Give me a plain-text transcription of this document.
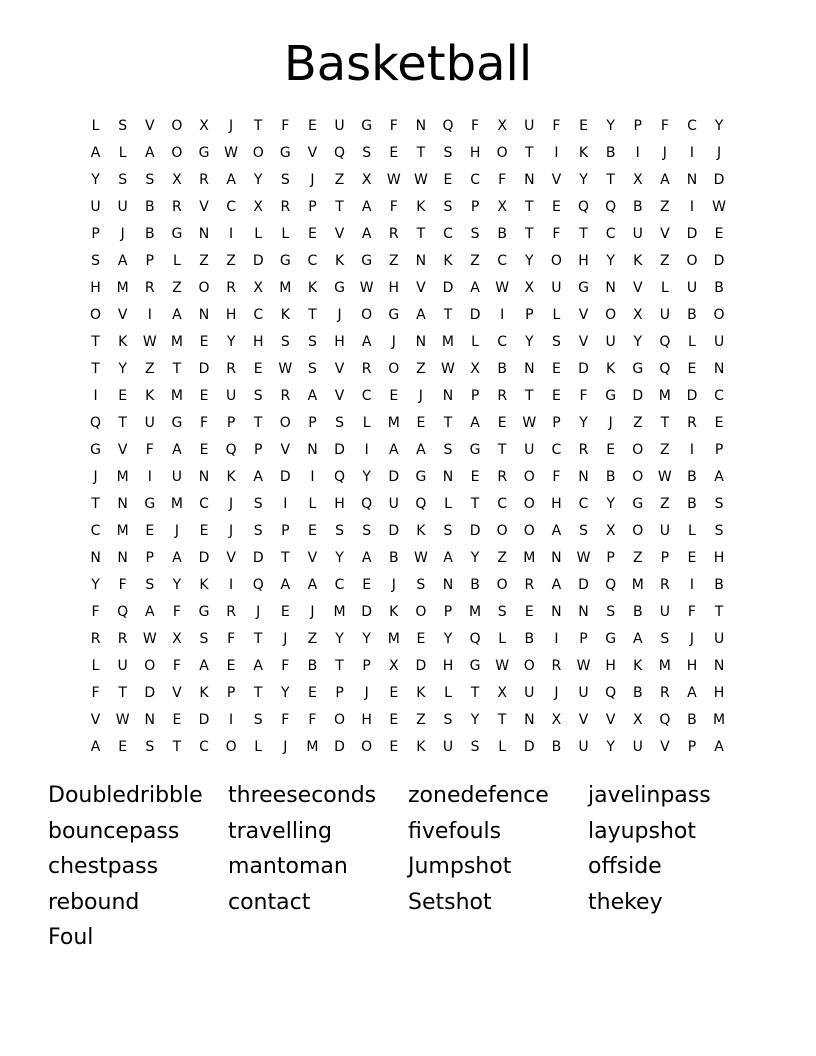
Basketball
L	S	V	O	X	J	T	F	E	U	G	F	N	Q	F	X	U	F	E	Y	P	F	C	Y
A	L	A	O	G	W	O	G	V	Q	S	E	T	S	H	O	T	I	K	B	I	J	I	J
Y	S	S	X	R	A	Y	S	J	Z	X	W W	E	C	F	N	V	Y	T	X	A	N	D
U	U	B	R	V	C	X	R	P	T	A	F	K	S	P	X	T	E	Q	Q	B	Z	I	W
P	J	B	G	N	I	L	L	E	V	A	R	T	C	S	B	T	F	T	C	U	V	D	E
S	A	P	L	Z	Z	D	G	C	K	G	Z	N	K	Z	C	Y	O	H	Y	K	Z	O	D
H	M	R	Z	O	R	X	M	K	G	W	H	V	D	A	W	X	U	G	N	V	L	U	B
O	V	I	A	N	H	C	K	T	J	O	G	A	T	D	I	P	L	V	O	X	U	B	O
T	K	W	M	E	Y	H	S	S	H	A	J	N	M	L	C	Y	S	V	U	Y	Q	L	U
T	Y	Z	T	D	R	E	W	S	V	R	O	Z	W	X	B	N	E	D	K	G	Q	E	N
I	E	K	M	E	U	S	R	A	V	C	E	J	N	P	R	T	E	F	G	D	M	D	C
Q	T	U	G	F	P	T	O	P	S	L	M	E	T	A	E	W	P	Y	J	Z	T	R	E
G	V	F	A	E	Q	P	V	N	D	I	A	A	S	G	T	U	C	R	E	O	Z	I	P
J	M	I	U	N	K	A	D	I	Q	Y	D	G	N	E	R	O	F	N	B	O	W	B	A
T	N	G	M	C	J	S	I	L	H	Q	U	Q	L	T	C	O	H	C	Y	G	Z	B	S
C	M	E	J	E	J	S	P	E	S	S	D	K	S	D	O	O	A	S	X	O	U	L	S
N	N	P	A	D	V	D	T	V	Y	A	B	W	A	Y	Z	M	N	W	P	Z	P	E	H
Y	F	S	Y	K	I	Q	A	A	C	E	J	S	N	B	O	R	A	D	Q	M	R	I	B
F	Q	A	F	G	R	J	E	J	M	D	K	O	P	M	S	E	N	N	S	B	U	F	T
R	R	W	X	S	F	T	J	Z	Y	Y	M	E	Y	Q	L	B	I	P	G	A	S	J	U
L	U	O	F	A	E	A	F	B	T	P	X	D	H	G	W	O	R	W	H	K	M	H	N
F	T	D	V	K	P	T	Y	E	P	J	E	K	L	T	X	U	J	U	Q	B	R	A	H
V	W	N	E	D	I	S	F	F	O	H	E	Z	S	Y	T	N	X	V	V	X	Q	B	M
A	E	S	T	C	O	L	J	M	D	O	E	K	U	S	L	D	B	U	Y	U	V	P	A
Doubledribble	threeseconds	zonedefence	javelinpass
bouncepass	travelling	fivefouls	layupshot
chestpass	mantoman	Jumpshot	offside
rebound	contact	Setshot	thekey
Foul
